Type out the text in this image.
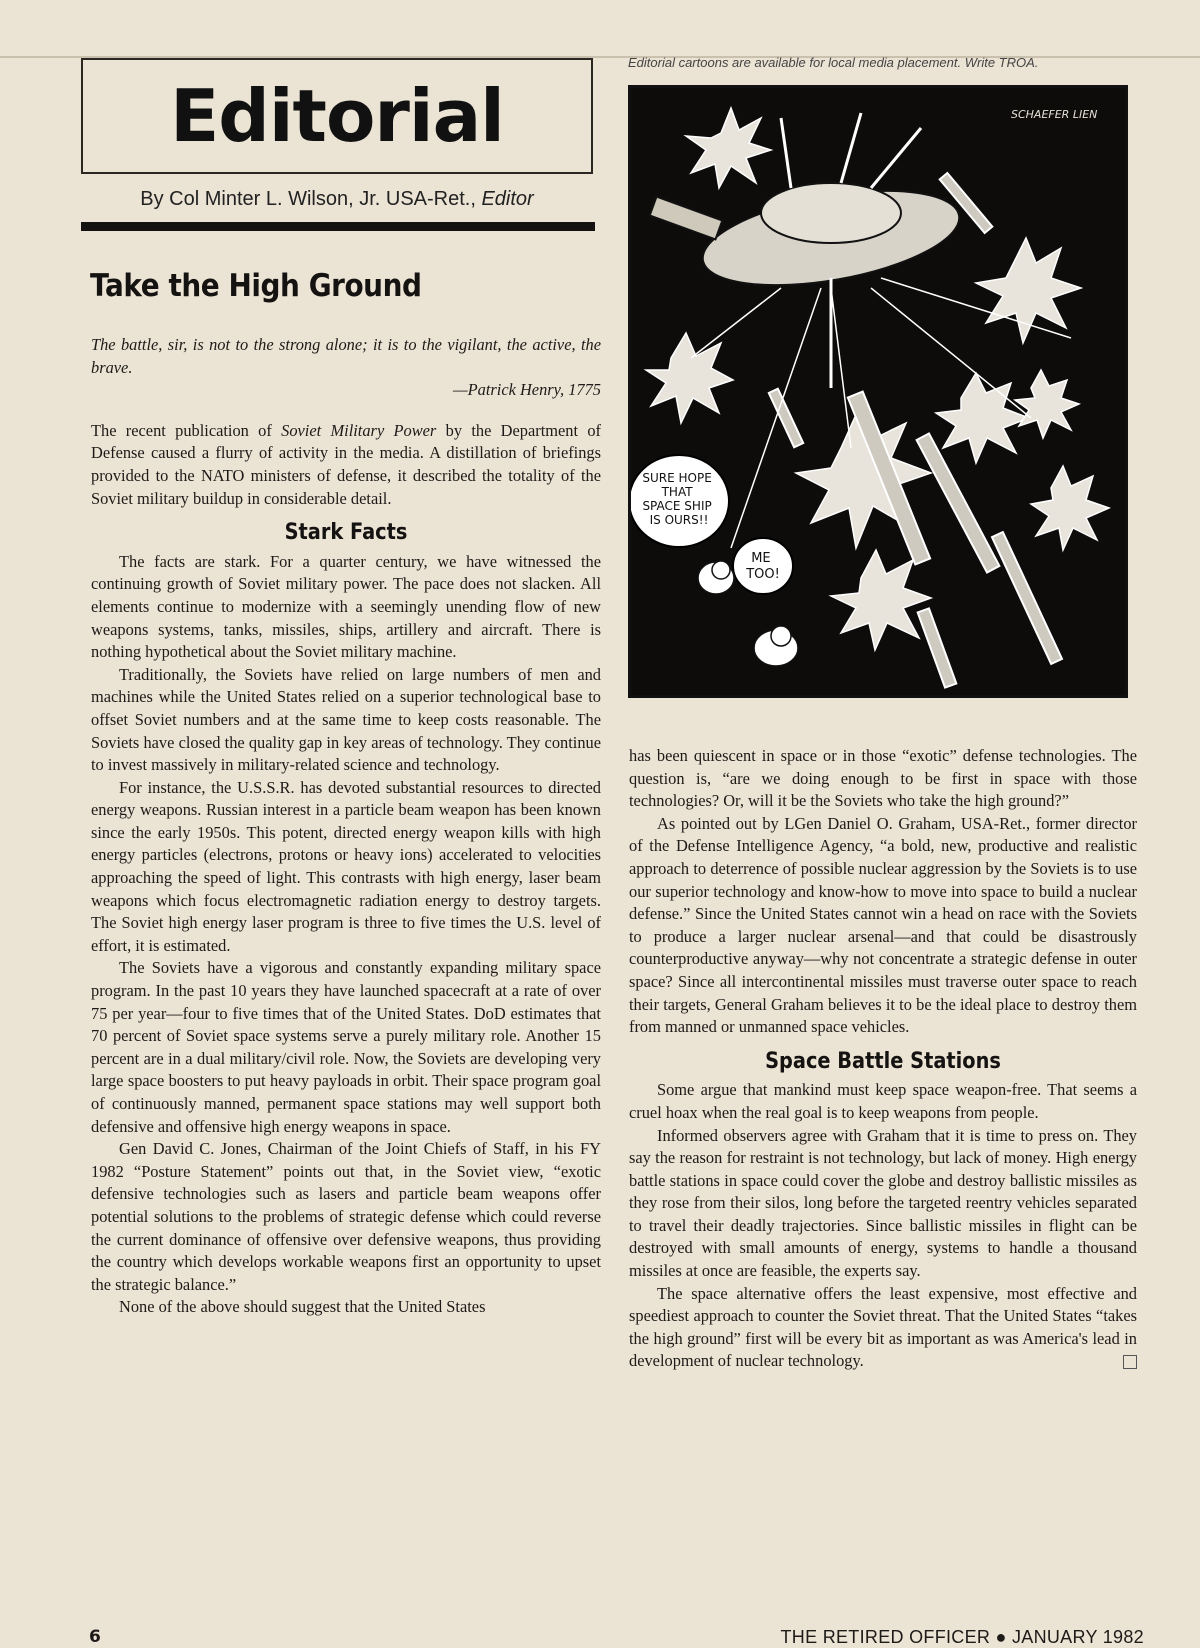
Editorial
By Col Minter L. Wilson, Jr. USA-Ret., Editor
Take the High Ground

The battle, sir, is not to the strong alone; it is to the vigilant, the active, the brave.

—Patrick Henry, 1775

The recent publication of Soviet Military Power by the Department of Defense caused a flurry of activity in the media. A distillation of briefings provided to the NATO ministers of defense, it described the totality of the Soviet military buildup in considerable detail.

Stark Facts

The facts are stark. For a quarter century, we have witnessed the continuing growth of Soviet military power. The pace does not slacken. All elements continue to modernize with a seemingly unending flow of new weapons systems, tanks, missiles, ships, artillery and aircraft. There is nothing hypothetical about the Soviet military machine.

Traditionally, the Soviets have relied on large numbers of men and machines while the United States relied on a superior technological base to offset Soviet numbers and at the same time to keep costs reasonable. The Soviets have closed the quality gap in key areas of technology. They continue to invest massively in military-related science and technology.

For instance, the U.S.S.R. has devoted substantial resources to directed energy weapons. Russian interest in a particle beam weapon has been known since the early 1950s. This potent, directed energy weapon kills with high energy particles (electrons, protons or heavy ions) accelerated to velocities approaching the speed of light. This contrasts with high energy, laser beam weapons which focus electromagnetic radiation energy to destroy targets. The Soviet high energy laser program is three to five times the U.S. level of effort, it is estimated.

The Soviets have a vigorous and constantly expanding military space program. In the past 10 years they have launched spacecraft at a rate of over 75 per year—four to five times that of the United States. DoD estimates that 70 percent of Soviet space systems serve a purely military role. Another 15 percent are in a dual military/civil role. Now, the Soviets are developing very large space boosters to put heavy payloads in orbit. Their space program goal of continuously manned, permanent space stations may well support both defensive and offensive high energy weapons in space.

Gen David C. Jones, Chairman of the Joint Chiefs of Staff, in his FY 1982 “Posture Statement” points out that, in the Soviet view, “exotic defensive technologies such as lasers and particle beam weapons offer potential solutions to the problems of strategic defense which could reverse the current dominance of offensive over defensive weapons, thus providing the country which develops workable weapons first an opportunity to upset the strategic balance.”

None of the above should suggest that the United States

Editorial cartoons are available for local media placement. Write TROA.
SCHAEFER LIEN
SURE HOPE THAT SPACE SHIP IS OURS!!
ME TOO!

has been quiescent in space or in those “exotic” defense technologies. The question is, “are we doing enough to be first in space with those technologies? Or, will it be the Soviets who take the high ground?”

As pointed out by LGen Daniel O. Graham, USA-Ret., former director of the Defense Intelligence Agency, “a bold, new, productive and realistic approach to deterrence of possible nuclear aggression by the Soviets is to use our superior technology and know-how to move into space to build a nuclear defense.” Since the United States cannot win a head on race with the Soviets to produce a larger nuclear arsenal—and that could be disastrously counterproductive anyway—why not concentrate a strategic defense in outer space? Since all intercontinental missiles must traverse outer space to reach their targets, General Graham believes it to be the ideal place to destroy them from manned or unmanned space vehicles.

Space Battle Stations

Some argue that mankind must keep space weapon-free. That seems a cruel hoax when the real goal is to keep weapons from people.

Informed observers agree with Graham that it is time to press on. They say the reason for restraint is not technology, but lack of money. High energy battle stations in space could cover the globe and destroy ballistic missiles as they rose from their silos, long before the targeted reentry vehicles separated to travel their deadly trajectories. Since ballistic missiles in flight can be destroyed with small amounts of energy, systems to handle a thousand missiles at once are feasible, the experts say.

The space alternative offers the least expensive, most effective and speediest approach to counter the Soviet threat. That the United States “takes the high ground” first will be every bit as important as was America's lead in development of nuclear technology.

6	THE RETIRED OFFICER ● JANUARY 1982
